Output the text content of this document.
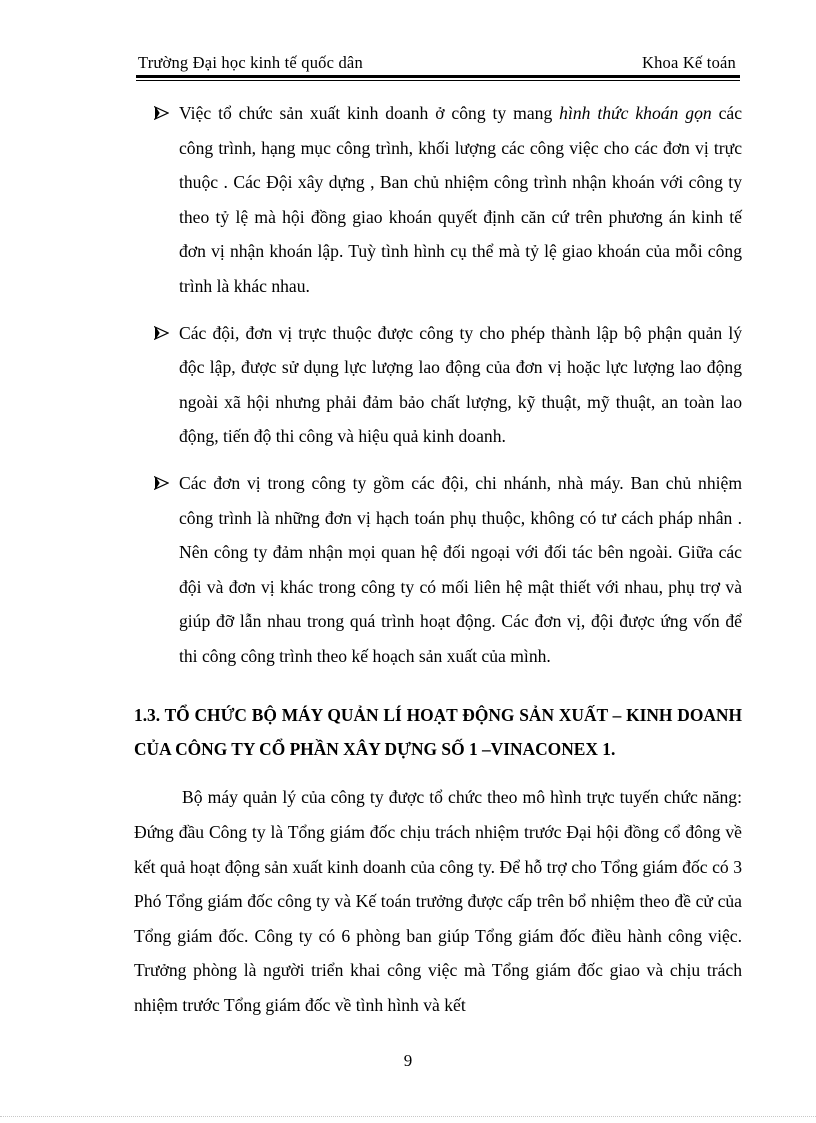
Trường Đại học kinh tế quốc dân	Khoa Kế toán
Việc tổ chức sản xuất kinh doanh ở công ty mang hình thức khoán gọn các công trình, hạng mục công trình, khối lượng các công việc cho các đơn vị trực thuộc . Các Đội xây dựng , Ban chủ nhiệm công trình nhận khoán với công ty theo tỷ lệ mà hội đồng giao khoán quyết định căn cứ trên phương án kinh tế đơn vị nhận khoán lập. Tuỳ tình hình cụ thể mà tỷ lệ giao khoán của mỗi công trình là khác nhau.
Các đội, đơn vị trực thuộc được công ty cho phép thành lập bộ phận quản lý độc lập, được sử dụng lực lượng lao động của đơn vị hoặc lực lượng lao động ngoài xã hội nhưng phải đảm bảo chất lượng, kỹ thuật, mỹ thuật, an toàn lao động, tiến độ thi công và hiệu quả kinh doanh.
Các đơn vị trong công ty gồm các đội, chi nhánh, nhà máy. Ban chủ nhiệm công trình là những đơn vị hạch toán phụ thuộc, không có tư cách pháp nhân . Nên công ty đảm nhận mọi quan hệ đối ngoại với đối tác bên ngoài. Giữa các đội và đơn vị khác trong công ty có mối liên hệ mật thiết với nhau, phụ trợ và giúp đỡ lẫn nhau trong quá trình hoạt động. Các đơn vị, đội được ứng vốn để thi công công trình theo kế hoạch sản xuất của mình.
1.3. TỔ CHỨC BỘ MÁY QUẢN LÍ HOẠT ĐỘNG SẢN XUẤT – KINH DOANH CỦA CÔNG TY CỔ PHẦN XÂY DỰNG SỐ 1 –VINACONEX 1.
Bộ máy quản lý của công ty được tổ chức theo mô hình trực tuyến chức năng: Đứng đầu Công ty là Tổng giám đốc chịu trách nhiệm trước Đại hội đồng cổ đông về kết quả hoạt động sản xuất kinh doanh của công ty. Để hỗ trợ cho Tổng giám đốc có 3 Phó Tổng giám đốc công ty và Kế toán trưởng được cấp trên bổ nhiệm theo đề cử của Tổng giám đốc. Công ty có 6 phòng ban giúp Tổng giám đốc điều hành công việc. Trưởng phòng là người triển khai công việc mà Tổng giám đốc giao và chịu trách nhiệm trước Tổng giám đốc về tình hình và kết
9
